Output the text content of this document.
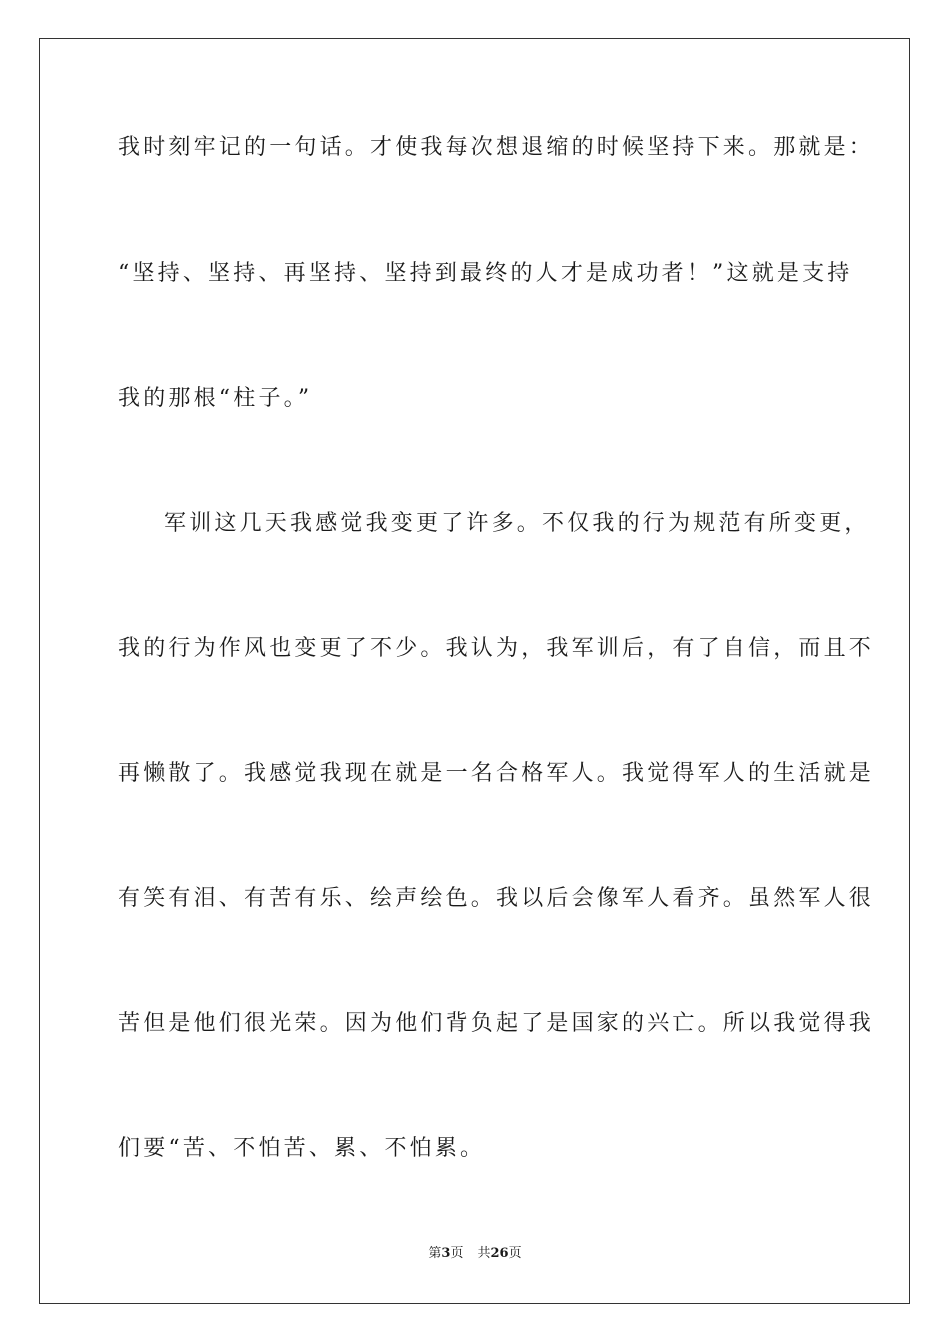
我时刻牢记的一句话。才使我每次想退缩的时候坚持下来。那就是：
“坚持、坚持、再坚持、坚持到最终的人才是成功者！”这就是支持
我的那根“柱子。”
军训这几天我感觉我变更了许多。不仅我的行为规范有所变更，
我的行为作风也变更了不少。我认为，我军训后，有了自信，而且不
再懒散了。我感觉我现在就是一名合格军人。我觉得军人的生活就是
有笑有泪、有苦有乐、绘声绘色。我以后会像军人看齐。虽然军人很
苦但是他们很光荣。因为他们背负起了是国家的兴亡。所以我觉得我
们要“苦、不怕苦、累、不怕累。
第3页 共26页
